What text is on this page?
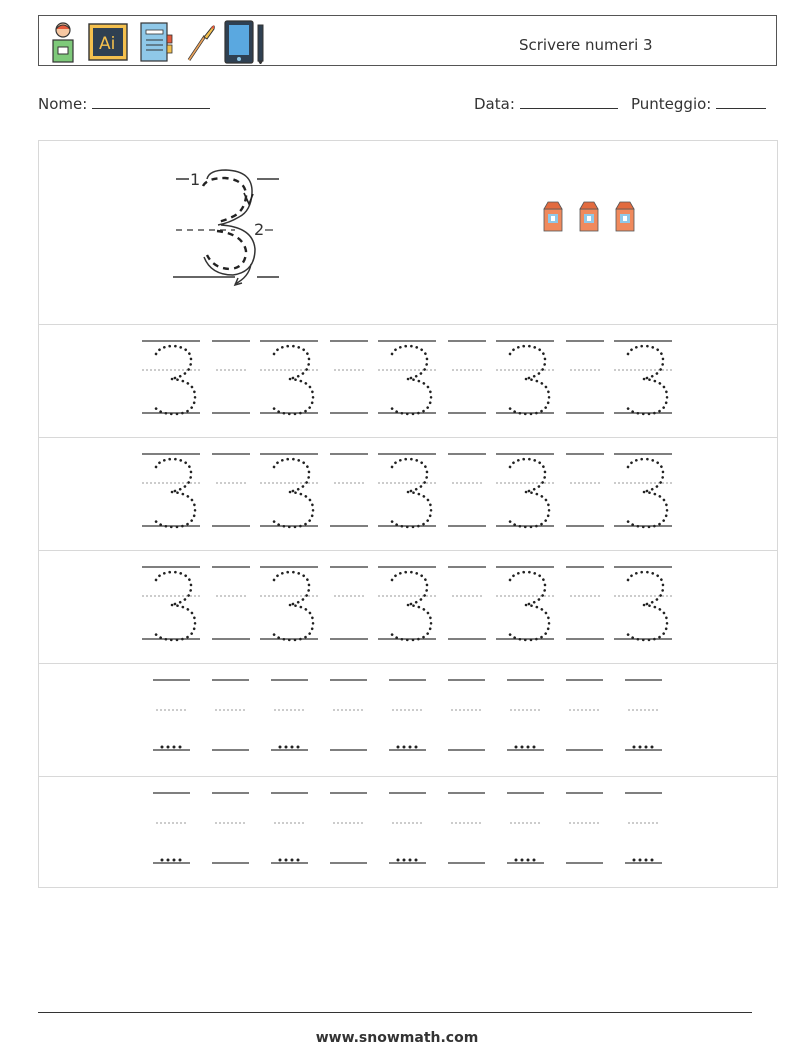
Ai	Scrivere numeri 3
Nome:	Data:	Punteggio:
1
2
www.snowmath.com
